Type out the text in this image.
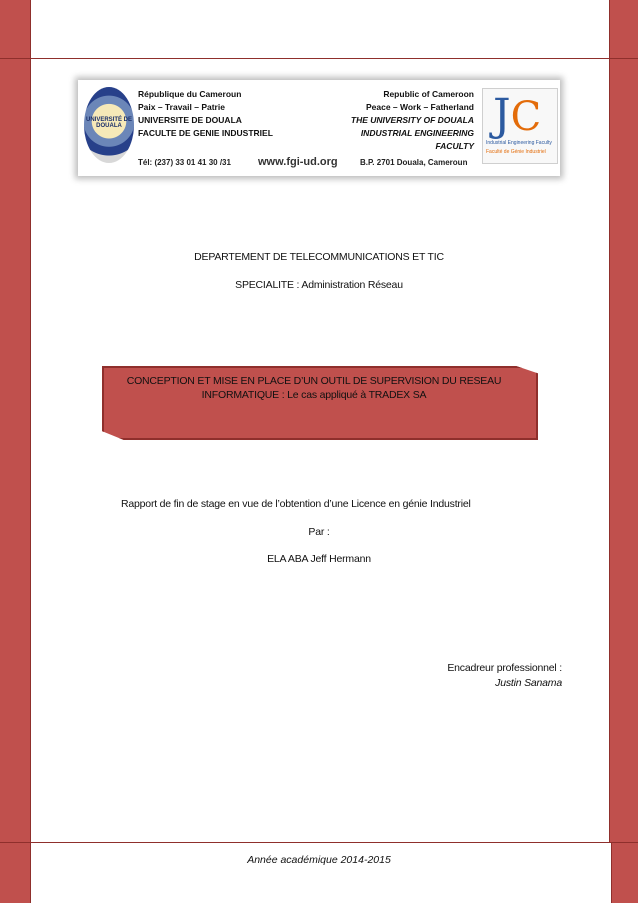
UNIVERSITÉ DE DOUALA
République du Cameroun
Paix – Travail – Patrie
UNIVERSITE DE DOUALA
FACULTE DE GENIE INDUSTRIEL
Republic of Cameroon
Peace – Work – Fatherland
THE UNIVERSITY OF DOUALA
INDUSTRIAL ENGINEERING FACULTY
Tél: (237) 33 01 41 30 /31 www.fgi-ud.org	B.P. 2701 Douala, Cameroun
JC
Industrial Engineering Faculty
Faculté de Génie Industriel
DEPARTEMENT DE TELECOMMUNICATIONS ET TIC
SPECIALITE : Administration Réseau
CONCEPTION ET MISE EN PLACE D’UN OUTIL DE SUPERVISION DU RESEAU
INFORMATIQUE : Le cas appliqué à TRADEX SA
Rapport de fin de stage en vue de l’obtention d’une Licence en génie Industriel
Par :
ELA ABA Jeff Hermann
Encadreur professionnel :
Justin Sanama
Année académique 2014-2015
